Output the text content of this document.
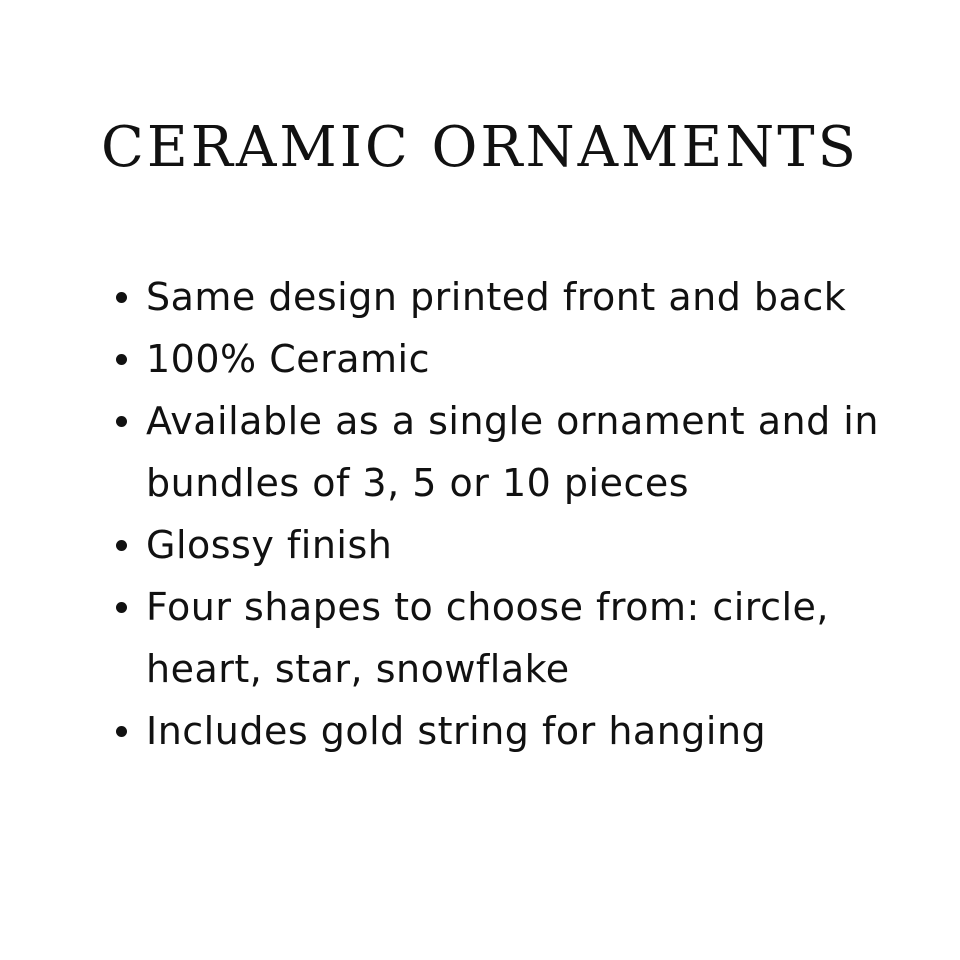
CERAMIC ORNAMENTS
Same design printed front and back
100% Ceramic
Available as a single ornament and in bundles of 3, 5 or 10 pieces
Glossy finish
Four shapes to choose from: circle, heart, star, snowflake
Includes gold string for hanging
